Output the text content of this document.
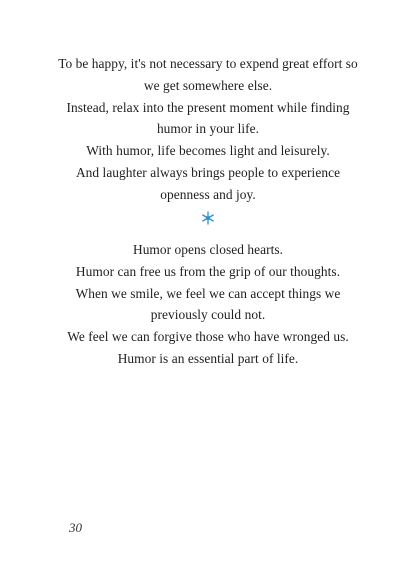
To be happy, it's not necessary to expend great effort so
we get somewhere else.
Instead, relax into the present moment while finding
humor in your life.
With humor, life becomes light and leisurely.
And laughter always brings people to experience
openness and joy.
Humor opens closed hearts.
Humor can free us from the grip of our thoughts.
When we smile, we feel we can accept things we
previously could not.
We feel we can forgive those who have wronged us.
Humor is an essential part of life.
30
